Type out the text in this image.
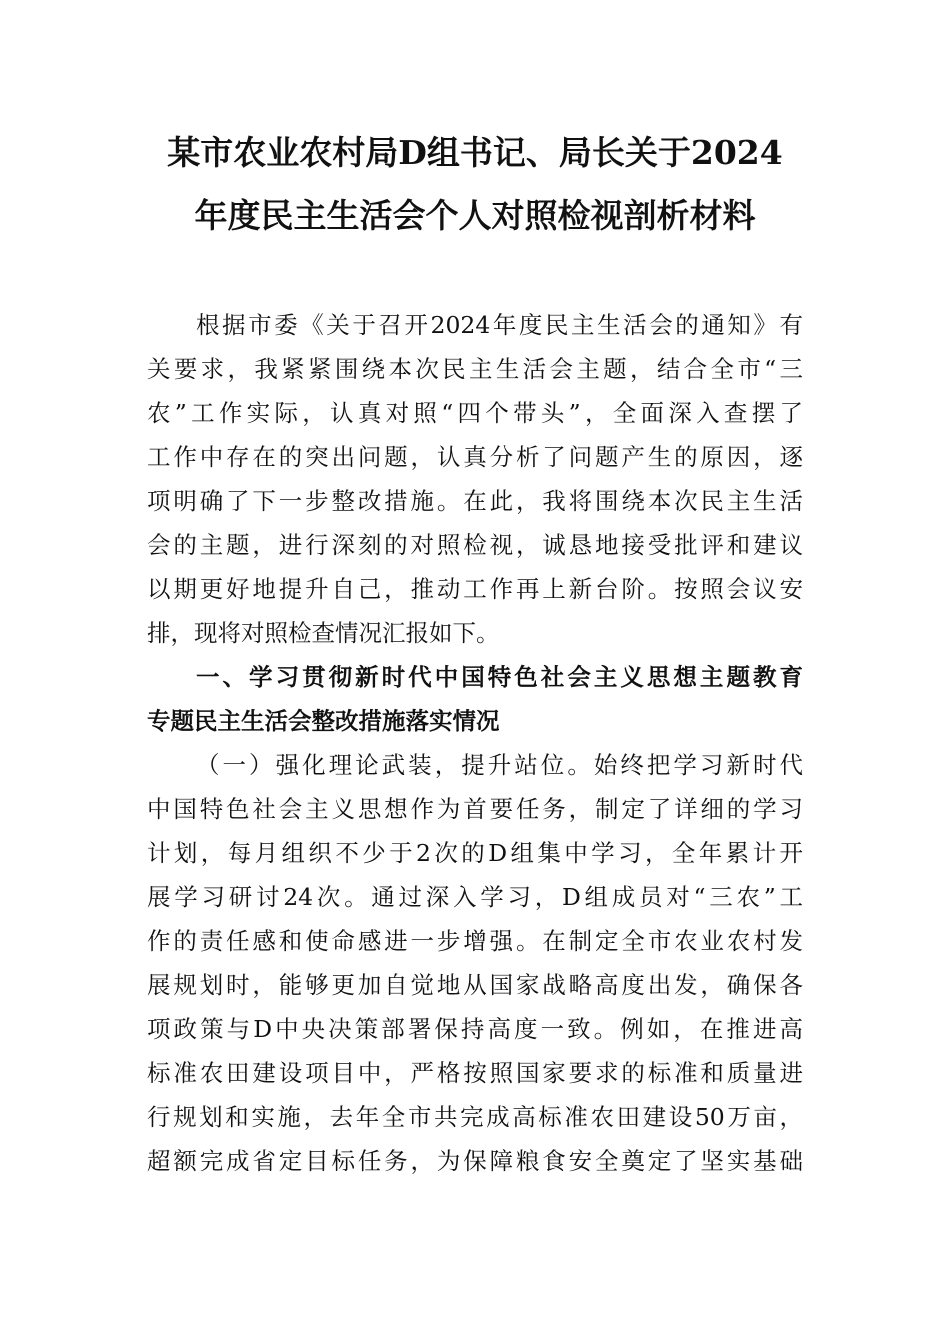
某市农业农村局D组书记、局长关于2024
年度民主生活会个人对照检视剖析材料
根据市委《关于召开2024年度民主生活会的通知》有
关要求，我紧紧围绕本次民主生活会主题，结合全市“三
农”工作实际，认真对照“四个带头”，全面深入查摆了
工作中存在的突出问题，认真分析了问题产生的原因，逐
项明确了下一步整改措施。在此，我将围绕本次民主生活
会的主题，进行深刻的对照检视，诚恳地接受批评和建议
以期更好地提升自己，推动工作再上新台阶。按照会议安
排，现将对照检查情况汇报如下。
一、学习贯彻新时代中国特色社会主义思想主题教育
专题民主生活会整改措施落实情况
（一）强化理论武装，提升站位。始终把学习新时代
中国特色社会主义思想作为首要任务，制定了详细的学习
计划，每月组织不少于2次的D组集中学习，全年累计开
展学习研讨24次。通过深入学习，D组成员对“三农”工
作的责任感和使命感进一步增强。在制定全市农业农村发
展规划时，能够更加自觉地从国家战略高度出发，确保各
项政策与D中央决策部署保持高度一致。例如，在推进高
标准农田建设项目中，严格按照国家要求的标准和质量进
行规划和实施，去年全市共完成高标准农田建设50万亩，
超额完成省定目标任务，为保障粮食安全奠定了坚实基础
